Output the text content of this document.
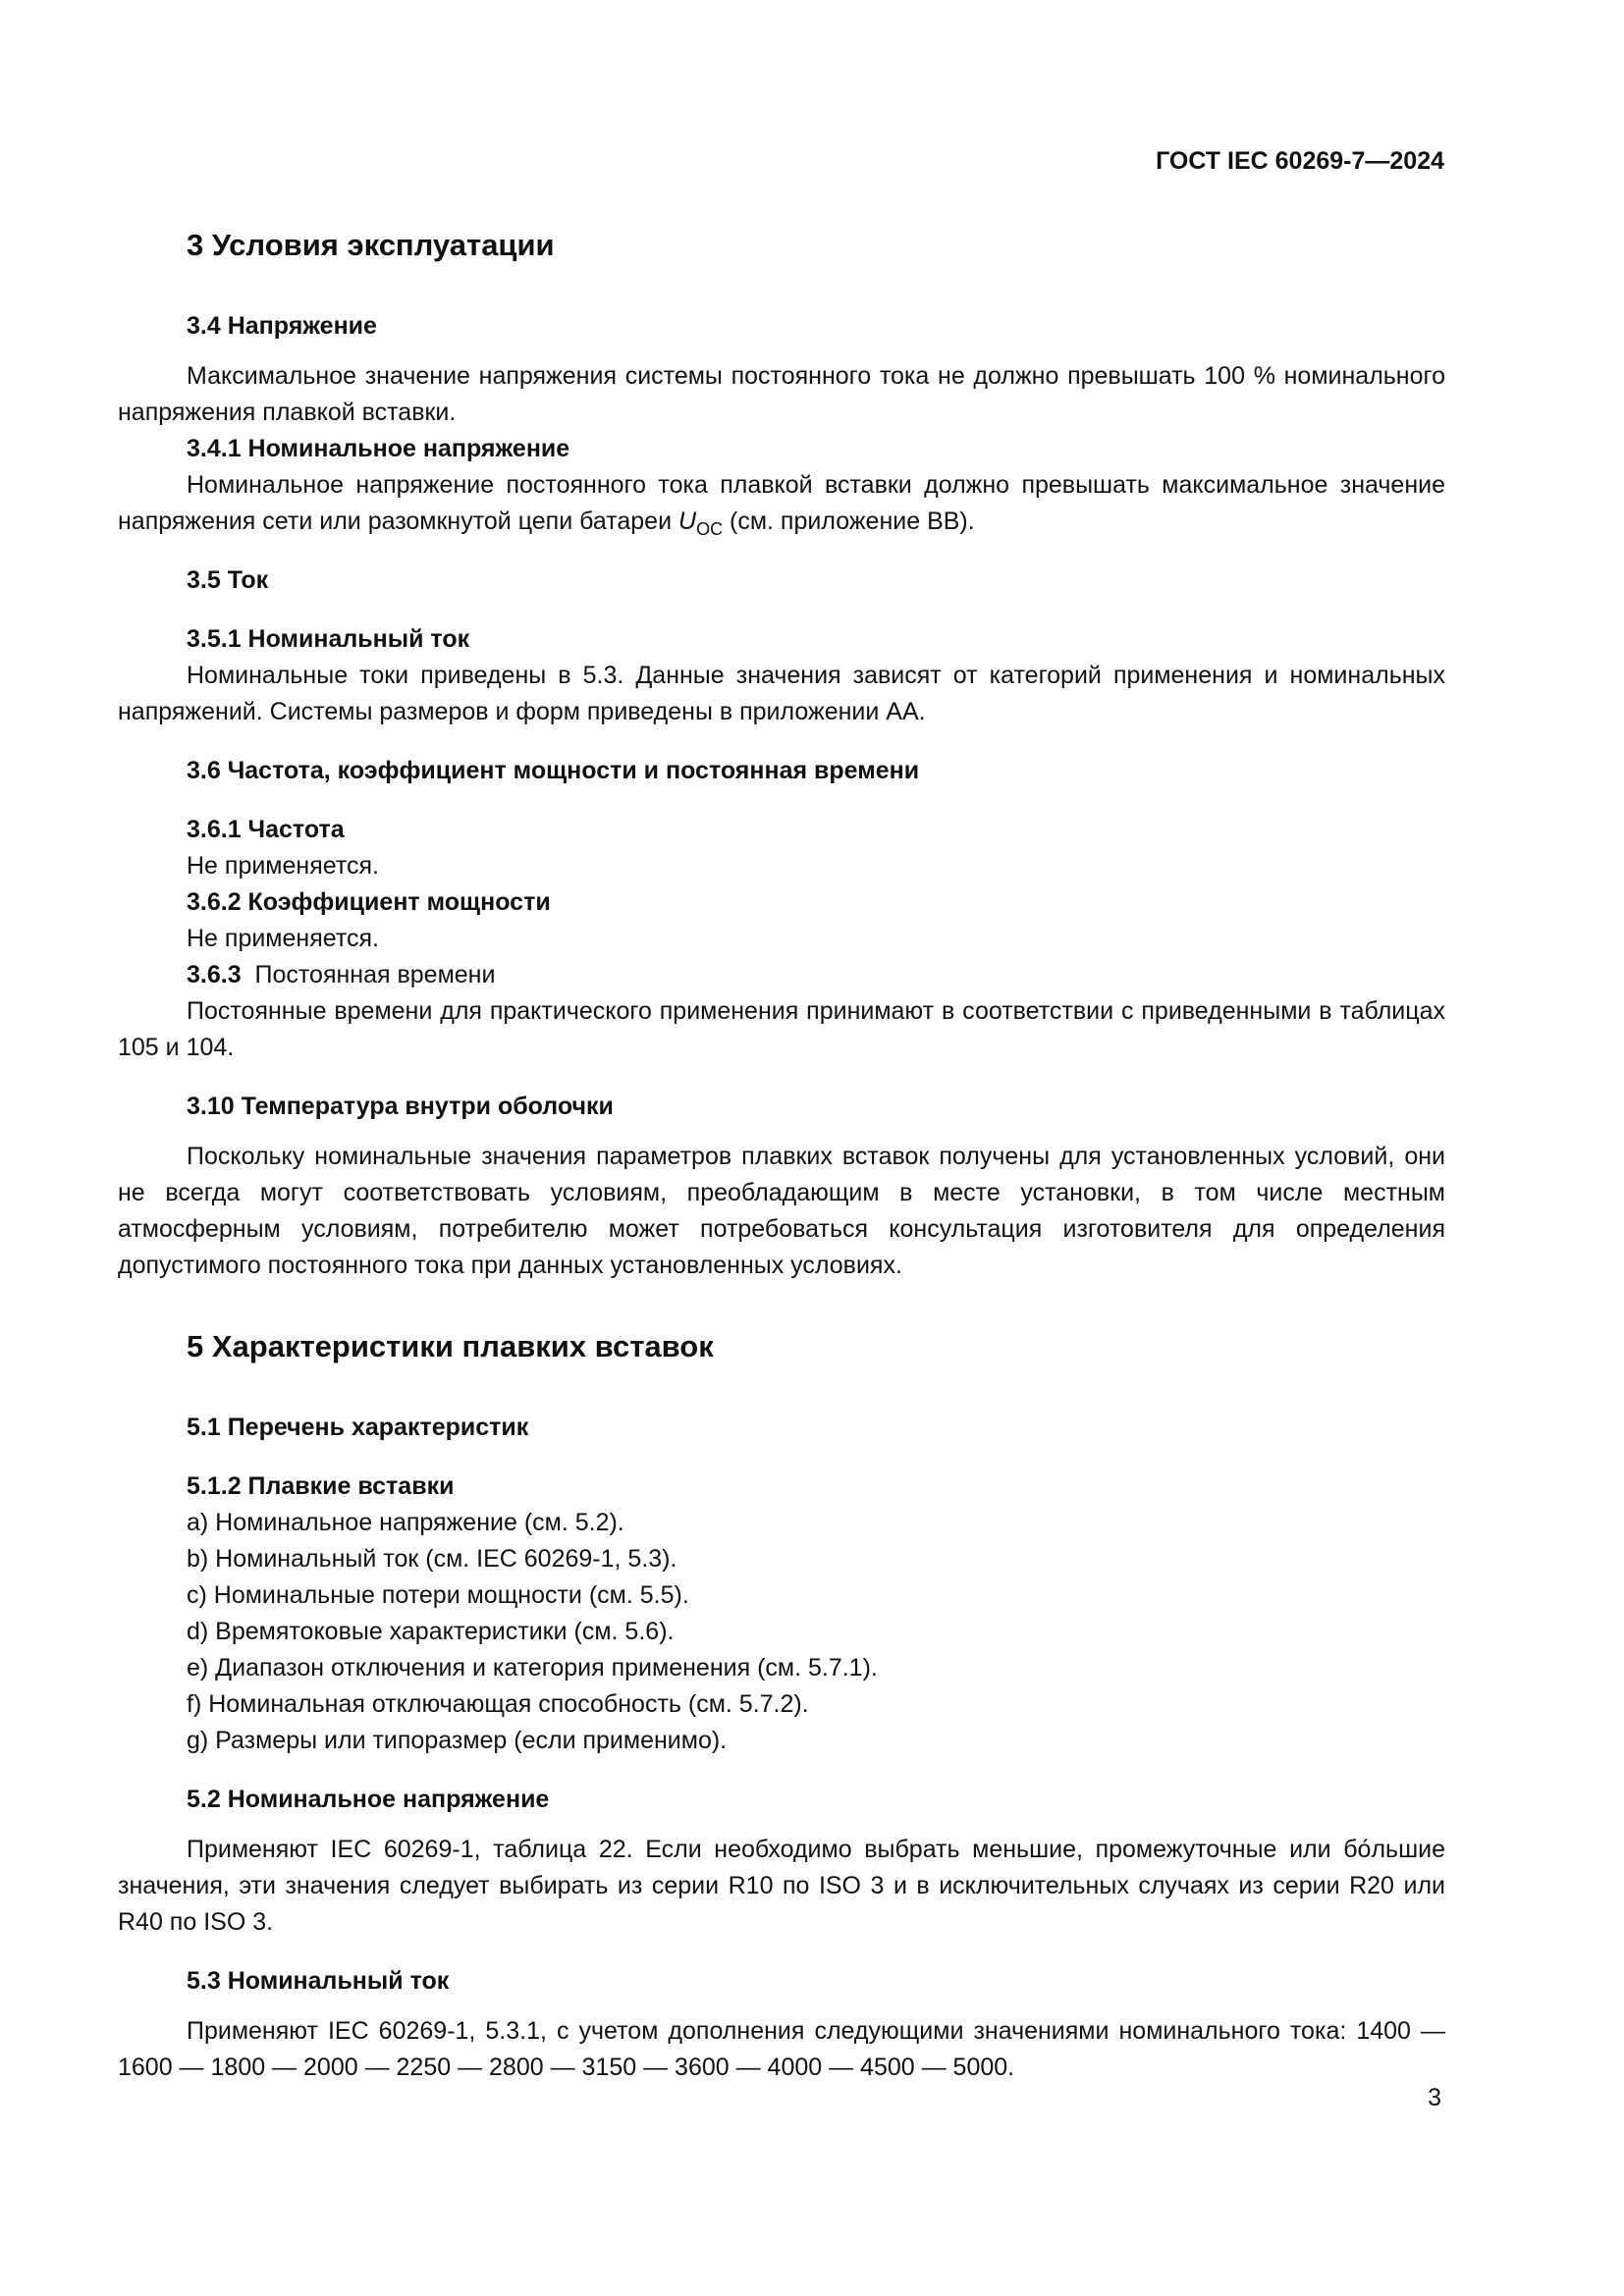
ГОСТ IEC 60269-7—2024

3 Условия эксплуатации

3.4 Напряжение

Максимальное значение напряжения системы постоянного тока не должно превышать 100 % номинального напряжения плавкой вставки.

3.4.1 Номинальное напряжение

Номинальное напряжение постоянного тока плавкой вставки должно превышать максимальное значение напряжения сети или разомкнутой цепи батареи $U_{OC}$ (см. приложение BB).

3.5 Ток

3.5.1 Номинальный ток

Номинальные токи приведены в 5.3. Данные значения зависят от категорий применения и номинальных напряжений. Системы размеров и форм приведены в приложении AA.

3.6 Частота, коэффициент мощности и постоянная времени

3.6.1 Частота

Не применяется.

3.6.2 Коэффициент мощности

Не применяется.

3.6.3 Постоянная времени

Постоянные времени для практического применения принимают в соответствии с приведенными в таблицах 105 и 104.

3.10 Температура внутри оболочки

Поскольку номинальные значения параметров плавких вставок получены для установленных условий, они не всегда могут соответствовать условиям, преобладающим в месте установки, в том числе местным атмосферным условиям, потребителю может потребоваться консультация изготовителя для определения допустимого постоянного тока при данных установленных условиях.

5 Характеристики плавких вставок

5.1 Перечень характеристик

5.1.2 Плавкие вставки

a) Номинальное напряжение (см. 5.2).

b) Номинальный ток (см. IEC 60269-1, 5.3).

c) Номинальные потери мощности (см. 5.5).

d) Времятоковые характеристики (см. 5.6).

e) Диапазон отключения и категория применения (см. 5.7.1).

f) Номинальная отключающая способность (см. 5.7.2).

g) Размеры или типоразмер (если применимо).

5.2 Номинальное напряжение

Применяют IEC 60269-1, таблица 22. Если необходимо выбрать меньшие, промежуточные или бо́льшие значения, эти значения следует выбирать из серии R10 по ISO 3 и в исключительных случаях из серии R20 или R40 по ISO 3.

5.3 Номинальный ток

Применяют IEC 60269-1, 5.3.1, с учетом дополнения следующими значениями номинального тока: 1400 — 1600 — 1800 — 2000 — 2250 — 2800 — 3150 — 3600 — 4000 — 4500 — 5000.

3
